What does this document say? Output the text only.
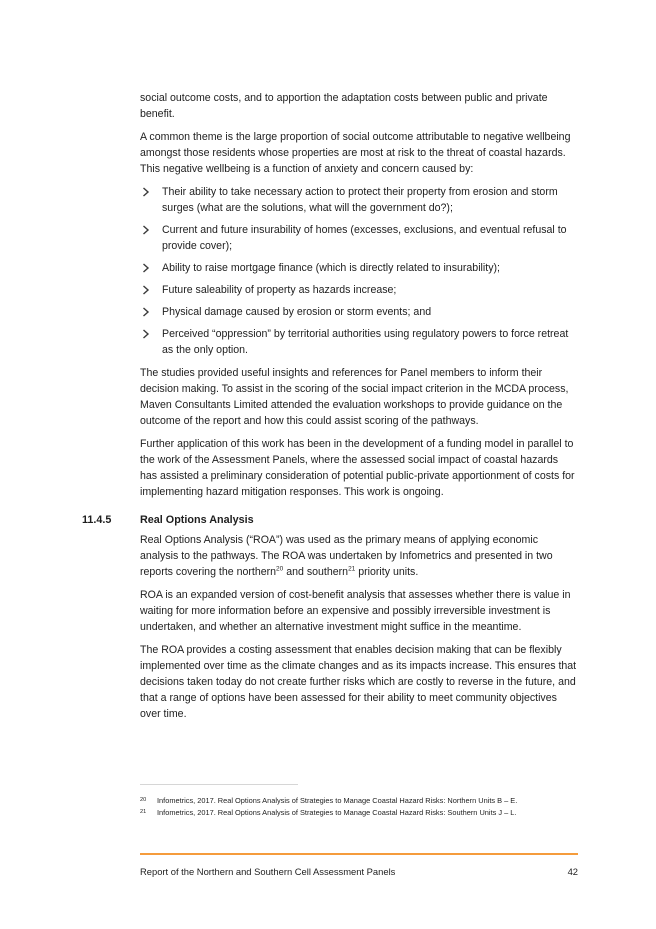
social outcome costs, and to apportion the adaptation costs between public and private benefit.

A common theme is the large proportion of social outcome attributable to negative wellbeing amongst those residents whose properties are most at risk to the threat of coastal hazards. This negative wellbeing is a function of anxiety and concern caused by:

Their ability to take necessary action to protect their property from erosion and storm surges (what are the solutions, what will the government do?);
Current and future insurability of homes (excesses, exclusions, and eventual refusal to provide cover);
Ability to raise mortgage finance (which is directly related to insurability);
Future saleability of property as hazards increase;
Physical damage caused by erosion or storm events; and
Perceived “oppression” by territorial authorities using regulatory powers to force retreat as the only option.

The studies provided useful insights and references for Panel members to inform their decision making. To assist in the scoring of the social impact criterion in the MCDA process, Maven Consultants Limited attended the evaluation workshops to provide guidance on the outcome of the report and how this could assist scoring of the pathways.

Further application of this work has been in the development of a funding model in parallel to the work of the Assessment Panels, where the assessed social impact of coastal hazards has assisted a preliminary consideration of potential public-private apportionment of costs for implementing hazard mitigation responses. This work is ongoing.

11.4.5	Real Options Analysis

Real Options Analysis (“ROA”) was used as the primary means of applying economic analysis to the pathways. The ROA was undertaken by Infometrics and presented in two reports covering the northern$^{20}$ and southern$^{21}$ priority units.

ROA is an expanded version of cost-benefit analysis that assesses whether there is value in waiting for more information before an expensive and possibly irreversible investment is undertaken, and whether an alternative investment might suffice in the meantime.

The ROA provides a costing assessment that enables decision making that can be flexibly implemented over time as the climate changes and as its impacts increase. This ensures that decisions taken today do not create further risks which are costly to reverse in the future, and that a range of options have been assessed for their ability to meet community objectives over time.

20 Infometrics, 2017. Real Options Analysis of Strategies to Manage Coastal Hazard Risks: Northern Units B – E.
21 Infometrics, 2017. Real Options Analysis of Strategies to Manage Coastal Hazard Risks: Southern Units J – L.
Report of the Northern and Southern Cell Assessment Panels	42
